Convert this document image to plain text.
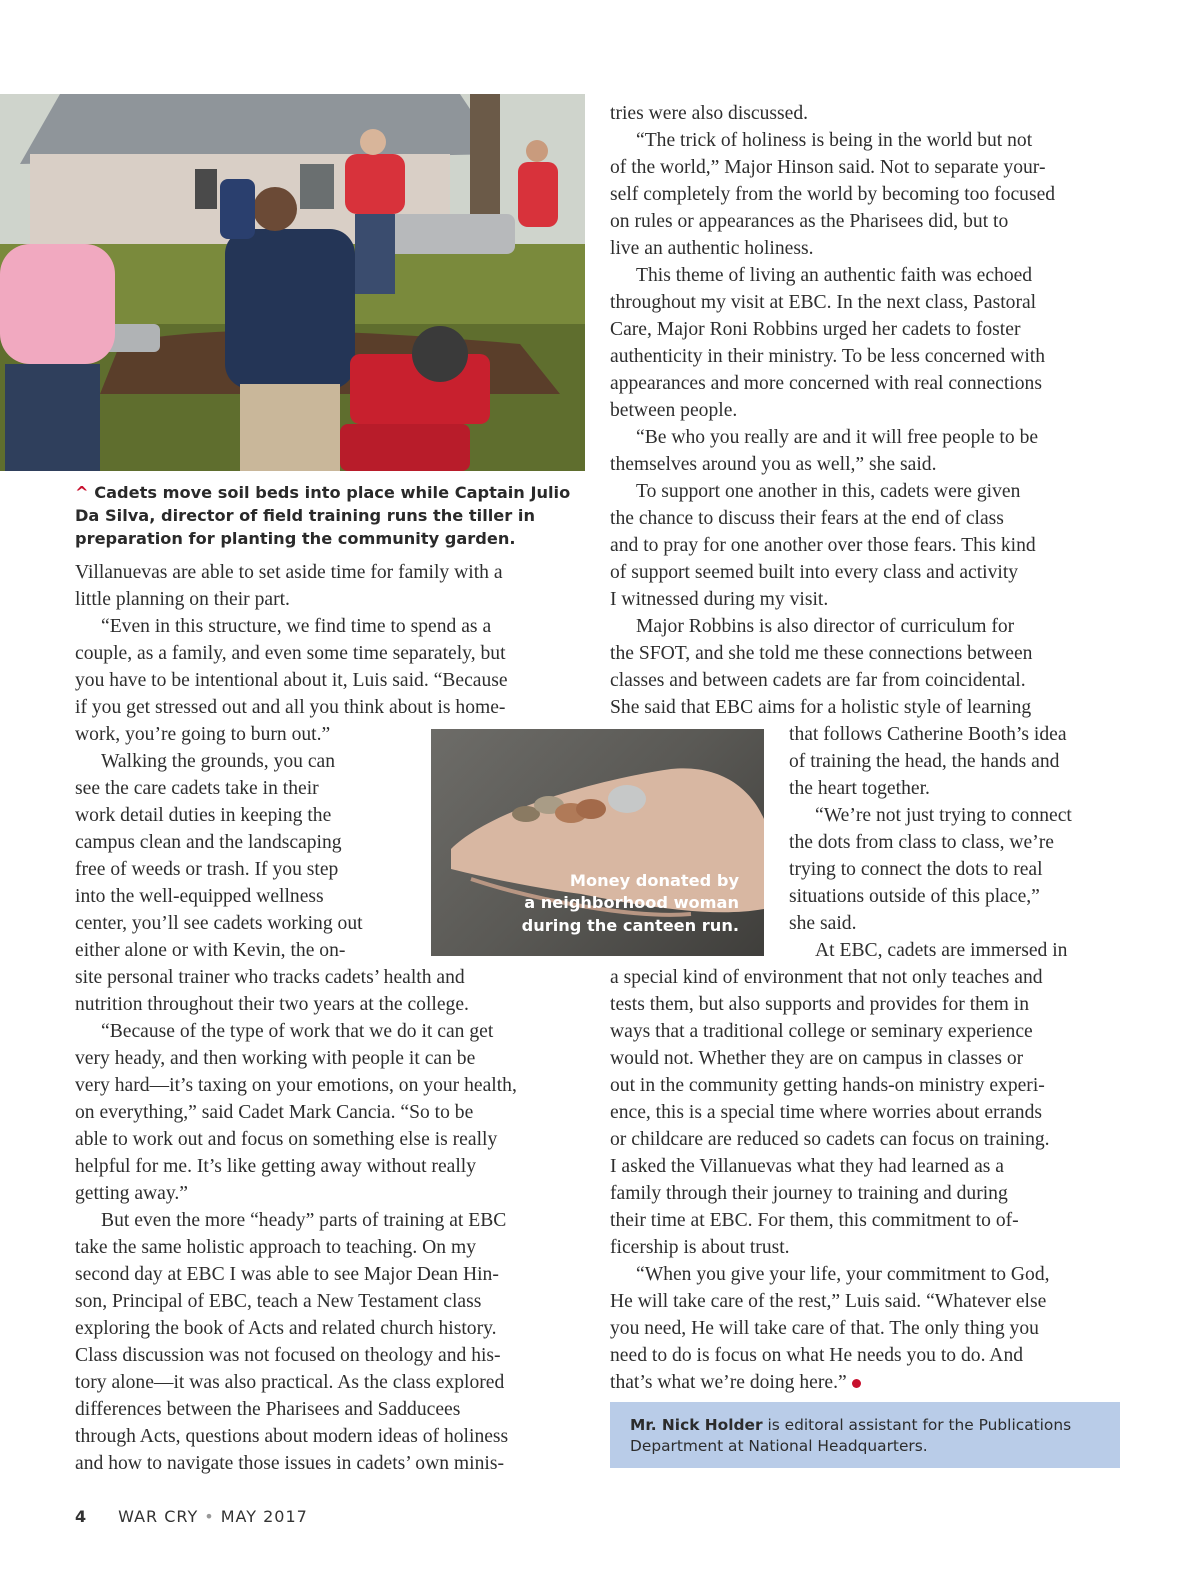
^ Cadets move soil beds into place while Captain Julio Da Silva, director of field training runs the tiller in preparation for planting the community garden.

Villanuevas are able to set aside time for family with a

little planning on their part.

“Even in this structure, we find time to spend as a

couple, as a family, and even some time separately, but

you have to be intentional about it, Luis said. “Because

if you get stressed out and all you think about is home-

work, you’re going to burn out.”

Walking the grounds, you can

see the care cadets take in their

work detail duties in keeping the

campus clean and the landscaping

free of weeds or trash. If you step

into the well-equipped wellness

center, you’ll see cadets working out

either alone or with Kevin, the on-

site personal trainer who tracks cadets’ health and

nutrition throughout their two years at the college.

“Because of the type of work that we do it can get

very heady, and then working with people it can be

very hard—it’s taxing on your emotions, on your health,

on everything,” said Cadet Mark Cancia. “So to be

able to work out and focus on something else is really

helpful for me. It’s like getting away without really

getting away.”

But even the more “heady” parts of training at EBC

take the same holistic approach to teaching. On my

second day at EBC I was able to see Major Dean Hin-

son, Principal of EBC, teach a New Testament class

exploring the book of Acts and related church history.

Class discussion was not focused on theology and his-

tory alone—it was also practical. As the class explored

differences between the Pharisees and Sadducees

through Acts, questions about modern ideas of holiness

and how to navigate those issues in cadets’ own minis-

Money donated by
a neighborhood woman
during the canteen run.

tries were also discussed.

“The trick of holiness is being in the world but not

of the world,” Major Hinson said. Not to separate your-

self completely from the world by becoming too focused

on rules or appearances as the Pharisees did, but to

live an authentic holiness.

This theme of living an authentic faith was echoed

throughout my visit at EBC. In the next class, Pastoral

Care, Major Roni Robbins urged her cadets to foster

authenticity in their ministry. To be less concerned with

appearances and more concerned with real connections

between people.

“Be who you really are and it will free people to be

themselves around you as well,” she said.

To support one another in this, cadets were given

the chance to discuss their fears at the end of class

and to pray for one another over those fears. This kind

of support seemed built into every class and activity

I witnessed during my visit.

Major Robbins is also director of curriculum for

the SFOT, and she told me these connections between

classes and between cadets are far from coincidental.

She said that EBC aims for a holistic style of learning

that follows Catherine Booth’s idea

of training the head, the hands and

the heart together.

“We’re not just trying to connect

the dots from class to class, we’re

trying to connect the dots to real

situations outside of this place,”

she said.

At EBC, cadets are immersed in

a special kind of environment that not only teaches and

tests them, but also supports and provides for them in

ways that a traditional college or seminary experience

would not. Whether they are on campus in classes or

out in the community getting hands-on ministry experi-

ence, this is a special time where worries about errands

or childcare are reduced so cadets can focus on training.

I asked the Villanuevas what they had learned as a

family through their journey to training and during

their time at EBC. For them, this commitment to of-

ficership is about trust.

“When you give your life, your commitment to God,

He will take care of the rest,” Luis said. “Whatever else

you need, He will take care of that. The only thing you

need to do is focus on what He needs you to do. And

that’s what we’re doing here.”

Mr. Nick Holder is editoral assistant for the Publications Department at National Headquarters.
4 WAR CRY • MAY 2017
